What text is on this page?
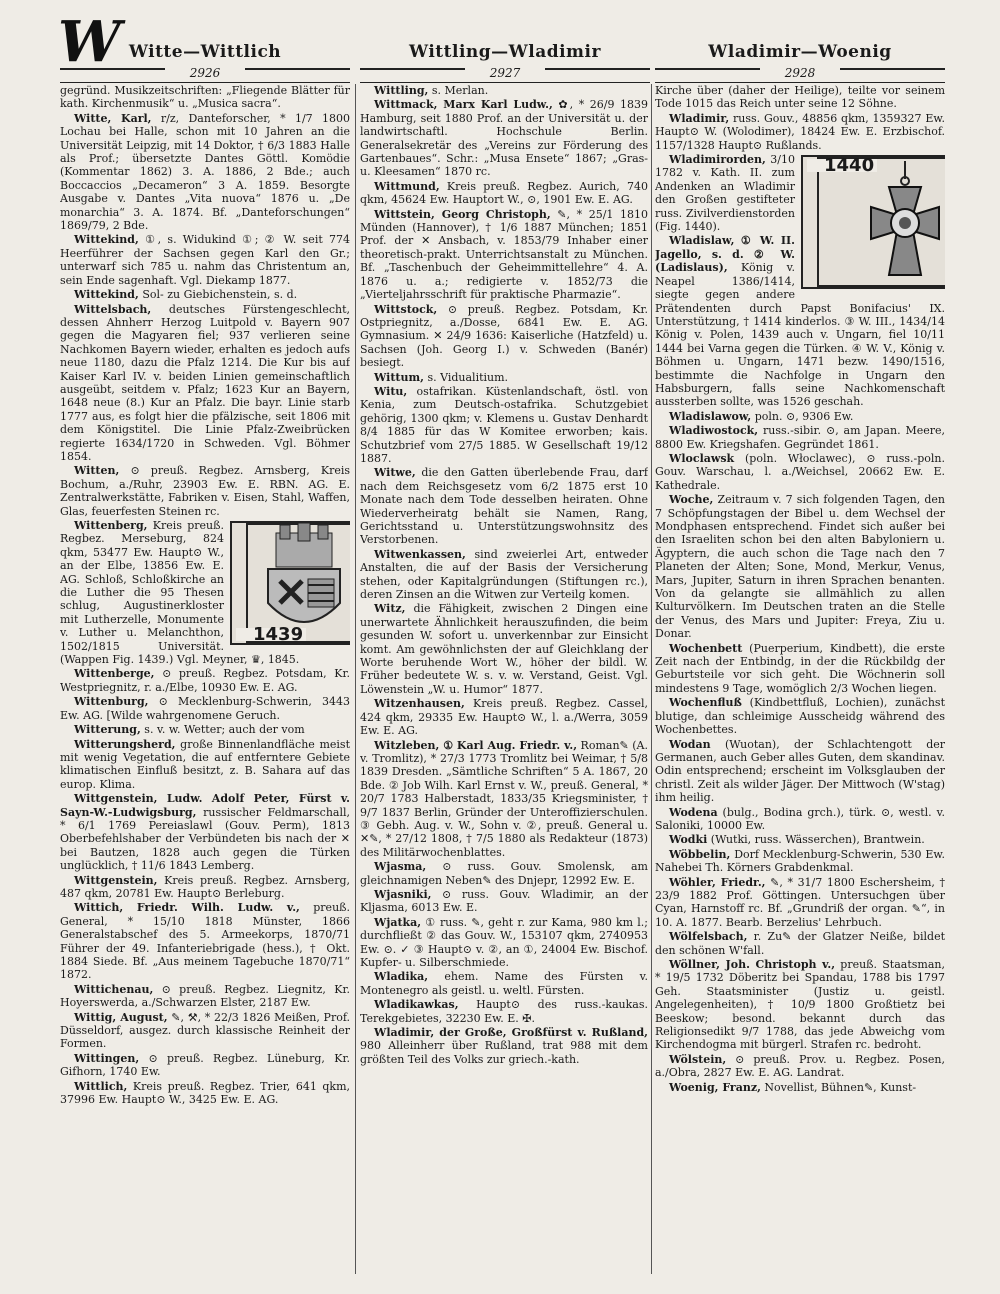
W Witte—Wittlich	Wittling—Wladimir	Wladimir—Woenig
2926	2927	2928

gegründ. Musikzeitschriften: „Fliegende Blätter für kath. Kirchenmusik“ u. „Musica sacra“.

Witte, Karl, r/z, Danteforscher, * 1/7 1800 Lochau bei Halle, schon mit 10 Jahren an die Universität Leipzig, mit 14 Doktor, † 6/3 1883 Halle als Prof.; übersetzte Dantes Göttl. Komödie (Kommentar 1862) 3. A. 1886, 2 Bde.; auch Boccaccios „Decameron“ 3 A. 1859. Besorgte Ausgabe v. Dantes „Vita nuova“ 1876 u. „De monarchia“ 3. A. 1874. Bf. „Danteforschungen“ 1869/79, 2 Bde.

Wittekind, ①, s. Widukind ①; ② W. seit 774 Heerführer der Sachsen gegen Karl den Gr.; unterwarf sich 785 u. nahm das Christentum an, sein Ende sagenhaft. Vgl. Diekamp 1877.

Wittekind, Sol- zu Giebichenstein, s. d.

Wittelsbach, deutsches Fürstengeschlecht, dessen Ahnherr Herzog Luitpold v. Bayern 907 gegen die Magyaren fiel; 937 verlieren seine Nachkomen Bayern wieder, erhalten es jedoch aufs neue 1180, dazu die Pfalz 1214. Die Kur bis auf Kaiser Karl IV. v. beiden Linien gemeinschaftlich ausgeübt, seitdem v. Pfalz; 1623 Kur an Bayern, 1648 neue (8.) Kur an Pfalz. Die bayr. Linie starb 1777 aus, es folgt hier die pfälzische, seit 1806 mit dem Königstitel. Die Linie Pfalz-Zweibrücken regierte 1634/1720 in Schweden. Vgl. Böhmer 1854.

Witten, ⊙ preuß. Regbez. Arnsberg, Kreis Bochum, a./Ruhr, 23903 Ew. E. RBN. AG. E. Zentralwerkstätte, Fabriken v. Eisen, Stahl, Waffen, Glas, feuerfesten Steinen rc.

1439
Wittenberg, Kreis preuß. Regbez. Merseburg, 824 qkm, 53477 Ew. Haupt⊙ W., an der Elbe, 13856 Ew. E. AG. Schloß, Schloßkirche an die Luther die 95 Thesen schlug, Augustinerkloster mit Lutherzelle, Monumente v. Luther u. Melanchthon, 1502/1815 Universität. (Wappen Fig. 1439.) Vgl. Meyner, ♛, 1845.

Wittenberge, ⊙ preuß. Regbez. Potsdam, Kr. Westpriegnitz, r. a./Elbe, 10930 Ew. E. AG.

Wittenburg, ⊙ Mecklenburg-Schwerin, 3443 Ew. AG. [Wilde wahrgenomene Geruch.

Witterung, s. v. w. Wetter; auch der vom

Witterungsherd, große Binnenlandfläche meist mit wenig Vegetation, die auf entferntere Gebiete klimatischen Einfluß besitzt, z. B. Sahara auf das europ. Klima.

Wittgenstein, Ludw. Adolf Peter, Fürst v. Sayn-W.-Ludwigsburg, russischer Feldmarschall, * 6/1 1769 Pereiaslawl (Gouv. Perm), 1813 Oberbefehlshaber der Verbündeten bis nach der ✕ bei Bautzen, 1828 auch gegen die Türken unglücklich, † 11/6 1843 Lemberg.

Wittgenstein, Kreis preuß. Regbez. Arnsberg, 487 qkm, 20781 Ew. Haupt⊙ Berleburg.

Wittich, Friedr. Wilh. Ludw. v., preuß. General, * 15/10 1818 Münster, 1866 Generalstabschef des 5. Armeekorps, 1870/71 Führer der 49. Infanteriebrigade (hess.), † Okt. 1884 Siede. Bf. „Aus meinem Tagebuche 1870/71“ 1872.

Wittichenau, ⊙ preuß. Regbez. Liegnitz, Kr. Hoyerswerda, a./Schwarzen Elster, 2187 Ew.

Wittig, August, ✎, ⚒, * 22/3 1826 Meißen, Prof. Düsseldorf, ausgez. durch klassische Reinheit der Formen.

Wittingen, ⊙ preuß. Regbez. Lüneburg, Kr. Gifhorn, 1740 Ew.

Wittlich, Kreis preuß. Regbez. Trier, 641 qkm, 37996 Ew. Haupt⊙ W., 3425 Ew. E. AG.

Wittling, s. Merlan.

Wittmack, Marx Karl Ludw., ✿, * 26/9 1839 Hamburg, seit 1880 Prof. an der Universität u. der landwirtschaftl. Hochschule Berlin. Generalsekretär des „Vereins zur Förderung des Gartenbaues“. Schr.: „Musa Ensete“ 1867; „Gras- u. Kleesamen“ 1870 rc.

Wittmund, Kreis preuß. Regbez. Aurich, 740 qkm, 45624 Ew. Hauptort W., ⊙, 1901 Ew. E. AG.

Wittstein, Georg Christoph, ✎, * 25/1 1810 Münden (Hannover), † 1/6 1887 München; 1851 Prof. der ✕ Ansbach, v. 1853/79 Inhaber einer theoretisch-prakt. Unterrichtsanstalt zu München. Bf. „Taschenbuch der Geheimmittellehre“ 4. A. 1876 u. a.; redigierte v. 1852/73 die „Vierteljahrsschrift für praktische Pharmazie“.

Wittstock, ⊙ preuß. Regbez. Potsdam, Kr. Ostpriegnitz, a./Dosse, 6841 Ew. E. AG. Gymnasium. ✕ 24/9 1636: Kaiserliche (Hatzfeld) u. Sachsen (Joh. Georg I.) v. Schweden (Banér) besiegt.

Wittum, s. Vidualitium.

Witu, ostafrikan. Küstenlandschaft, östl. von Kenia, zum Deutsch-ostafrika. Schutzgebiet gehörig, 1300 qkm; v. Klemens u. Gustav Denhardt 8/4 1885 für das W Komitee erworben; kais. Schutzbrief vom 27/5 1885. W Gesellschaft 19/12 1887.

Witwe, die den Gatten überlebende Frau, darf nach dem Reichsgesetz vom 6/2 1875 erst 10 Monate nach dem Tode desselben heiraten. Ohne Wiederverheiratg behält sie Namen, Rang, Gerichtsstand u. Unterstützungswohnsitz des Verstorbenen.

Witwenkassen, sind zweierlei Art, entweder Anstalten, die auf der Basis der Versicherung stehen, oder Kapitalgründungen (Stiftungen rc.), deren Zinsen an die Witwen zur Verteilg komen.

Witz, die Fähigkeit, zwischen 2 Dingen eine unerwartete Ähnlichkeit herauszufinden, die beim gesunden W. sofort u. unverkennbar zur Einsicht komt. Am gewöhnlichsten der auf Gleichklang der Worte beruhende Wort W., höher der bildl. W. Früher bedeutete W. s. v. w. Verstand, Geist. Vgl. Löwenstein „W. u. Humor“ 1877.

Witzenhausen, Kreis preuß. Regbez. Cassel, 424 qkm, 29335 Ew. Haupt⊙ W., l. a./Werra, 3059 Ew. E. AG.

Witzleben, ① Karl Aug. Friedr. v., Roman✎ (A. v. Tromlitz), * 27/3 1773 Tromlitz bei Weimar, † 5/8 1839 Dresden. „Sämtliche Schriften“ 5 A. 1867, 20 Bde. ② Job Wilh. Karl Ernst v. W., preuß. General, * 20/7 1783 Halberstadt, 1833/35 Kriegsminister, † 9/7 1837 Berlin, Gründer der Unteroffizierschulen. ③ Gebh. Aug. v. W., Sohn v. ②, preuß. General u. ✕✎, * 27/12 1808, † 7/5 1880 als Redakteur (1873) des Militärwochenblattes.

Wjasma, ⊙ russ. Gouv. Smolensk, am gleichnamigen Neben✎ des Dnjepr, 12992 Ew. E.

Wjasniki, ⊙ russ. Gouv. Wladimir, an der Kljasma, 6013 Ew. E.

Wjatka, ① russ. ✎, geht r. zur Kama, 980 km l.; durchfließt ② das Gouv. W., 153107 qkm, 2740953 Ew. ⊙. ✓ ③ Haupt⊙ v. ②, an ①, 24004 Ew. Bischof. Kupfer- u. Silberschmiede.

Wladika, ehem. Name des Fürsten v. Montenegro als geistl. u. weltl. Fürsten.

Wladikawkas, Haupt⊙ des russ.-kaukas. Terekgebietes, 32230 Ew. E. ✠.

Wladimir, der Große, Großfürst v. Rußland, 980 Alleinherr über Rußland, trat 988 mit dem größten Teil des Volks zur griech.-kath.

Kirche über (daher der Heilige), teilte vor seinem Tode 1015 das Reich unter seine 12 Söhne.

Wladimir, russ. Gouv., 48856 qkm, 1359327 Ew. Haupt⊙ W. (Wolodimer), 18424 Ew. E. Erzbischof. 1157/1328 Haupt⊙ Rußlands.

1440
Wladimirorden, 3/10 1782 v. Kath. II. zum Andenken an Wladimir den Großen gestifteter russ. Zivilverdienstorden (Fig. 1440).

Wladislaw, ① W. II. Jagello, s. d. ② W. (Ladislaus), König v. Neapel 1386/1414, siegte gegen andere Prätendenten durch Papst Bonifacius' IX. Unterstützung, † 1414 kinderlos. ③ W. III., 1434/14 König v. Polen, 1439 auch v. Ungarn, fiel 10/11 1444 bei Varna gegen die Türken. ④ W. V., König v. Böhmen u. Ungarn, 1471 bezw. 1490/1516, bestimmte die Nachfolge in Ungarn den Habsburgern, falls seine Nachkomenschaft aussterben sollte, was 1526 geschah.

Wladislawow, poln. ⊙, 9306 Ew.

Wladiwostock, russ.-sibir. ⊙, am Japan. Meere, 8800 Ew. Kriegshafen. Gegründet 1861.

Wloclawsk (poln. Włoclawec), ⊙ russ.-poln. Gouv. Warschau, l. a./Weichsel, 20662 Ew. E. Kathedrale.

Woche, Zeitraum v. 7 sich folgenden Tagen, den 7 Schöpfungstagen der Bibel u. dem Wechsel der Mondphasen entsprechend. Findet sich außer bei den Israeliten schon bei den alten Babyloniern u. Ägyptern, die auch schon die Tage nach den 7 Planeten der Alten; Sone, Mond, Merkur, Venus, Mars, Jupiter, Saturn in ihren Sprachen benanten. Von da gelangte sie allmählich zu allen Kulturvölkern. Im Deutschen traten an die Stelle der Venus, des Mars und Jupiter: Freya, Ziu u. Donar.

Wochenbett (Puerperium, Kindbett), die erste Zeit nach der Entbindg, in der die Rückbildg der Geburtsteile vor sich geht. Die Wöchnerin soll mindestens 9 Tage, womöglich 2/3 Wochen liegen.

Wochenfluß (Kindbettfluß, Lochien), zunächst blutige, dan schleimige Ausscheidg während des Wochenbettes.

Wodan (Wuotan), der Schlachtengott der Germanen, auch Geber alles Guten, dem skandinav. Odin entsprechend; erscheint im Volksglauben der christl. Zeit als wilder Jäger. Der Mittwoch (W'stag) ihm heilig.

Wodena (bulg., Bodina grch.), türk. ⊙, westl. v. Saloniki, 10000 Ew.

Wodki (Wutki, russ. Wässerchen), Brantwein.

Wöbbelin, Dorf Mecklenburg-Schwerin, 530 Ew. Nahebei Th. Körners Grabdenkmal.

Wöhler, Friedr., ✎, * 31/7 1800 Eschersheim, † 23/9 1882 Prof. Göttingen. Untersuchgen über Cyan, Harnstoff rc. Bf. „Grundriß der organ. ✎“, in 10. A. 1877. Bearb. Berzelius' Lehrbuch.

Wölfelsbach, r. Zu✎ der Glatzer Neiße, bildet den schönen W'fall.

Wöllner, Joh. Christoph v., preuß. Staatsman, * 19/5 1732 Döberitz bei Spandau, 1788 bis 1797 Geh. Staatsminister (Justiz u. geistl. Angelegenheiten), † 10/9 1800 Großtietz bei Beeskow; besond. bekannt durch das Religionsedikt 9/7 1788, das jede Abweichg vom Kirchendogma mit bürgerl. Strafen rc. bedroht.

Wölstein, ⊙ preuß. Prov. u. Regbez. Posen, a./Obra, 2827 Ew. E. AG. Landrat.

Woenig, Franz, Novellist, Bühnen✎, Kunst-
